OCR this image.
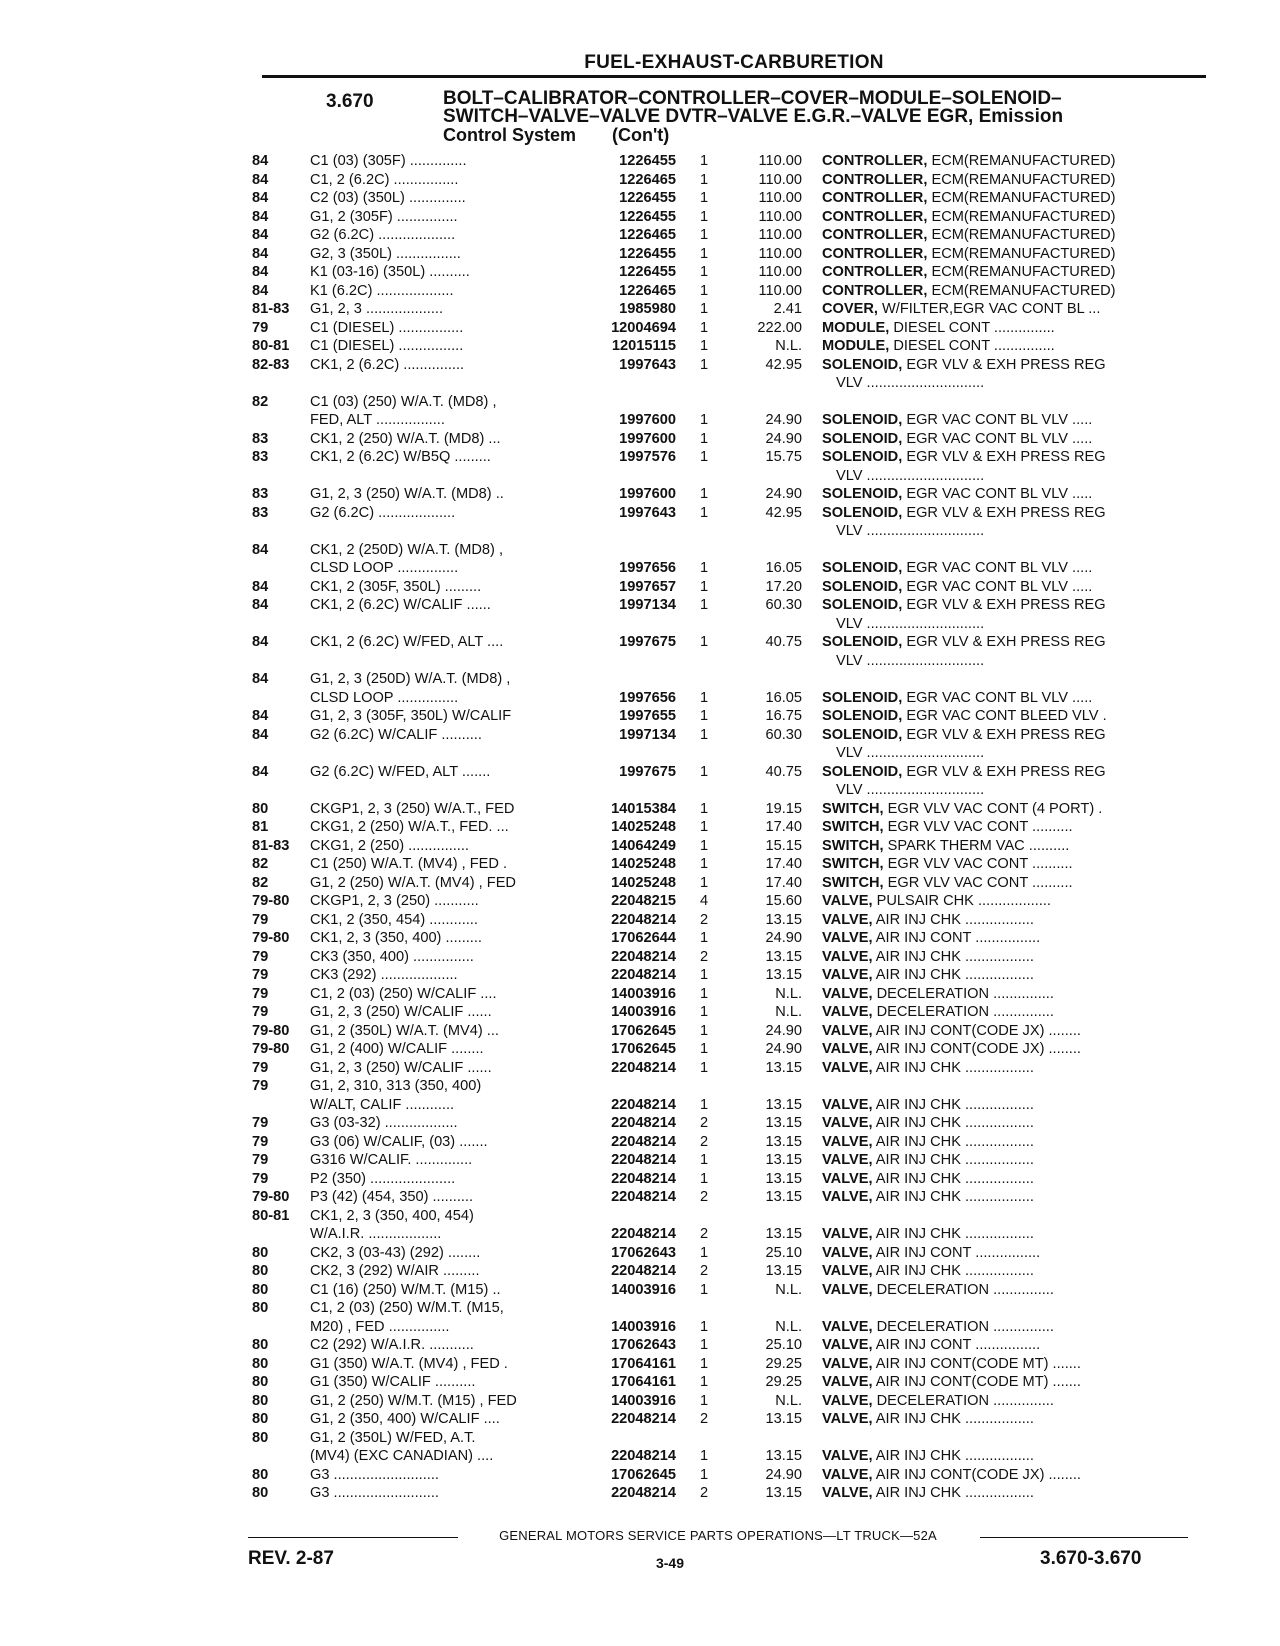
FUEL-EXHAUST-CARBURETION
3.670	BOLT–CALIBRATOR–CONTROLLER–COVER–MODULE–SOLENOID–
SWITCH–VALVE–VALVE DVTR–VALVE E.G.R.–VALVE EGR, Emission
Control System (Con't)
84	C1 (03) (305F) ..............	1226455	1	110.00	CONTROLLER, ECM(REMANUFACTURED)
84	C1, 2 (6.2C) ................	1226465	1	110.00	CONTROLLER, ECM(REMANUFACTURED)
84	C2 (03) (350L) ..............	1226455	1	110.00	CONTROLLER, ECM(REMANUFACTURED)
84	G1, 2 (305F) ...............	1226455	1	110.00	CONTROLLER, ECM(REMANUFACTURED)
84	G2 (6.2C) ...................	1226465	1	110.00	CONTROLLER, ECM(REMANUFACTURED)
84	G2, 3 (350L) ................	1226455	1	110.00	CONTROLLER, ECM(REMANUFACTURED)
84	K1 (03-16) (350L) ..........	1226455	1	110.00	CONTROLLER, ECM(REMANUFACTURED)
84	K1 (6.2C) ...................	1226465	1	110.00	CONTROLLER, ECM(REMANUFACTURED)
81-83	G1, 2, 3 ...................	1985980	1	2.41	COVER, W/FILTER,EGR VAC CONT BL ...
79	C1 (DIESEL) ................	12004694	1	222.00	MODULE, DIESEL CONT ...............
80-81	C1 (DIESEL) ................	12015115	1	N.L.	MODULE, DIESEL CONT ...............
82-83	CK1, 2 (6.2C) ...............	1997643	1	42.95	SOLENOID, EGR VLV & EXH PRESS REG
					VLV .............................
82	C1 (03) (250) W/A.T. (MD8) ,				
	FED, ALT .................	1997600	1	24.90	SOLENOID, EGR VAC CONT BL VLV .....
83	CK1, 2 (250) W/A.T. (MD8) ...	1997600	1	24.90	SOLENOID, EGR VAC CONT BL VLV .....
83	CK1, 2 (6.2C) W/B5Q .........	1997576	1	15.75	SOLENOID, EGR VLV & EXH PRESS REG
					VLV .............................
83	G1, 2, 3 (250) W/A.T. (MD8) ..	1997600	1	24.90	SOLENOID, EGR VAC CONT BL VLV .....
83	G2 (6.2C) ...................	1997643	1	42.95	SOLENOID, EGR VLV & EXH PRESS REG
					VLV .............................
84	CK1, 2 (250D) W/A.T. (MD8) ,				
	CLSD LOOP ...............	1997656	1	16.05	SOLENOID, EGR VAC CONT BL VLV .....
84	CK1, 2 (305F, 350L) .........	1997657	1	17.20	SOLENOID, EGR VAC CONT BL VLV .....
84	CK1, 2 (6.2C) W/CALIF ......	1997134	1	60.30	SOLENOID, EGR VLV & EXH PRESS REG
					VLV .............................
84	CK1, 2 (6.2C) W/FED, ALT ....	1997675	1	40.75	SOLENOID, EGR VLV & EXH PRESS REG
					VLV .............................
84	G1, 2, 3 (250D) W/A.T. (MD8) ,				
	CLSD LOOP ...............	1997656	1	16.05	SOLENOID, EGR VAC CONT BL VLV .....
84	G1, 2, 3 (305F, 350L) W/CALIF	1997655	1	16.75	SOLENOID, EGR VAC CONT BLEED VLV .
84	G2 (6.2C) W/CALIF ..........	1997134	1	60.30	SOLENOID, EGR VLV & EXH PRESS REG
					VLV .............................
84	G2 (6.2C) W/FED, ALT .......	1997675	1	40.75	SOLENOID, EGR VLV & EXH PRESS REG
					VLV .............................
80	CKGP1, 2, 3 (250) W/A.T., FED	14015384	1	19.15	SWITCH, EGR VLV VAC CONT (4 PORT) .
81	CKG1, 2 (250) W/A.T., FED. ...	14025248	1	17.40	SWITCH, EGR VLV VAC CONT ..........
81-83	CKG1, 2 (250) ...............	14064249	1	15.15	SWITCH, SPARK THERM VAC ..........
82	C1 (250) W/A.T. (MV4) , FED .	14025248	1	17.40	SWITCH, EGR VLV VAC CONT ..........
82	G1, 2 (250) W/A.T. (MV4) , FED	14025248	1	17.40	SWITCH, EGR VLV VAC CONT ..........
79-80	CKGP1, 2, 3 (250) ...........	22048215	4	15.60	VALVE, PULSAIR CHK ..................
79	CK1, 2 (350, 454) ............	22048214	2	13.15	VALVE, AIR INJ CHK .................
79-80	CK1, 2, 3 (350, 400) .........	17062644	1	24.90	VALVE, AIR INJ CONT ................
79	CK3 (350, 400) ...............	22048214	2	13.15	VALVE, AIR INJ CHK .................
79	CK3 (292) ...................	22048214	1	13.15	VALVE, AIR INJ CHK .................
79	C1, 2 (03) (250) W/CALIF ....	14003916	1	N.L.	VALVE, DECELERATION ...............
79	G1, 2, 3 (250) W/CALIF ......	14003916	1	N.L.	VALVE, DECELERATION ...............
79-80	G1, 2 (350L) W/A.T. (MV4) ...	17062645	1	24.90	VALVE, AIR INJ CONT(CODE JX) ........
79-80	G1, 2 (400) W/CALIF ........	17062645	1	24.90	VALVE, AIR INJ CONT(CODE JX) ........
79	G1, 2, 3 (250) W/CALIF ......	22048214	1	13.15	VALVE, AIR INJ CHK .................
79	G1, 2, 310, 313 (350, 400)				
	W/ALT, CALIF ............	22048214	1	13.15	VALVE, AIR INJ CHK .................
79	G3 (03-32) ..................	22048214	2	13.15	VALVE, AIR INJ CHK .................
79	G3 (06) W/CALIF, (03) .......	22048214	2	13.15	VALVE, AIR INJ CHK .................
79	G316 W/CALIF. ..............	22048214	1	13.15	VALVE, AIR INJ CHK .................
79	P2 (350) .....................	22048214	1	13.15	VALVE, AIR INJ CHK .................
79-80	P3 (42) (454, 350) ..........	22048214	2	13.15	VALVE, AIR INJ CHK .................
80-81	CK1, 2, 3 (350, 400, 454)				
	W/A.I.R. ..................	22048214	2	13.15	VALVE, AIR INJ CHK .................
80	CK2, 3 (03-43) (292) ........	17062643	1	25.10	VALVE, AIR INJ CONT ................
80	CK2, 3 (292) W/AIR .........	22048214	2	13.15	VALVE, AIR INJ CHK .................
80	C1 (16) (250) W/M.T. (M15) ..	14003916	1	N.L.	VALVE, DECELERATION ...............
80	C1, 2 (03) (250) W/M.T. (M15,				
	M20) , FED ...............	14003916	1	N.L.	VALVE, DECELERATION ...............
80	C2 (292) W/A.I.R. ...........	17062643	1	25.10	VALVE, AIR INJ CONT ................
80	G1 (350) W/A.T. (MV4) , FED .	17064161	1	29.25	VALVE, AIR INJ CONT(CODE MT) .......
80	G1 (350) W/CALIF ..........	17064161	1	29.25	VALVE, AIR INJ CONT(CODE MT) .......
80	G1, 2 (250) W/M.T. (M15) , FED	14003916	1	N.L.	VALVE, DECELERATION ...............
80	G1, 2 (350, 400) W/CALIF ....	22048214	2	13.15	VALVE, AIR INJ CHK .................
80	G1, 2 (350L) W/FED, A.T.				
	(MV4) (EXC CANADIAN) ....	22048214	1	13.15	VALVE, AIR INJ CHK .................
80	G3 ..........................	17062645	1	24.90	VALVE, AIR INJ CONT(CODE JX) ........
80	G3 ..........................	22048214	2	13.15	VALVE, AIR INJ CHK .................
GENERAL MOTORS SERVICE PARTS OPERATIONS—LT TRUCK—52A
REV. 2-87	3-49	3.670-3.670
